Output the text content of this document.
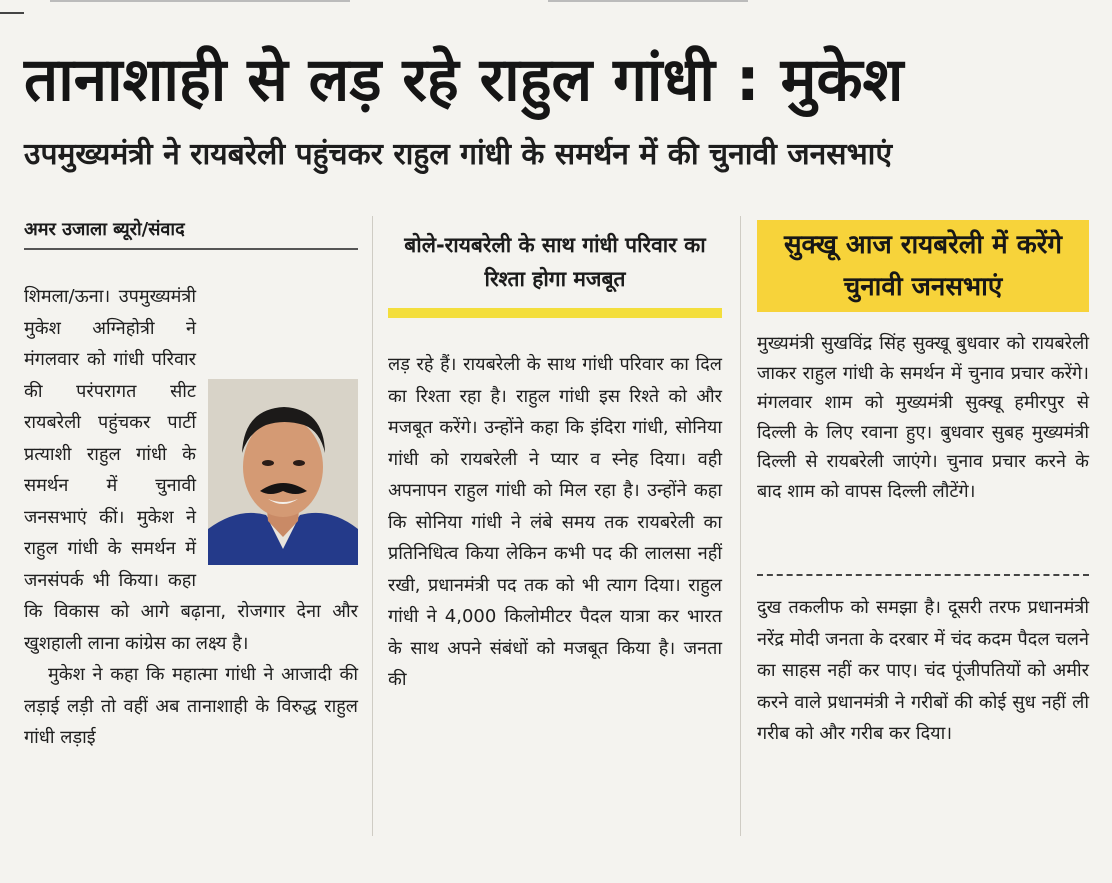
तानाशाही से लड़ रहे राहुल गांधी : मुकेश
उपमुख्यमंत्री ने रायबरेली पहुंचकर राहुल गांधी के समर्थन में की चुनावी जनसभाएं
अमर उजाला ब्यूरो/संवाद

शिमला/ऊना। उपमुख्यमंत्री मुकेश अग्निहोत्री ने मंगलवार को गांधी परिवार की परंपरागत सीट रायबरेली पहुंचकर पार्टी प्रत्याशी राहुल गांधी के समर्थन में चुनावी जनसभाएं कीं। मुकेश ने राहुल गांधी के समर्थन में जनसंपर्क भी किया। कहा कि विकास को आगे बढ़ाना, रोजगार देना और खुशहाली लाना कांग्रेस का लक्ष्य है।

मुकेश ने कहा कि महात्मा गांधी ने आजादी की लड़ाई लड़ी तो वहीं अब तानाशाही के विरुद्ध राहुल गांधी लड़ाई

बोले-रायबरेली के साथ गांधी परिवार का रिश्ता होगा मजबूत

लड़ रहे हैं। रायबरेली के साथ गांधी परिवार का दिल का रिश्ता रहा है। राहुल गांधी इस रिश्ते को और मजबूत करेंगे। उन्होंने कहा कि इंदिरा गांधी, सोनिया गांधी को रायबरेली ने प्यार व स्नेह दिया। वही अपनापन राहुल गांधी को मिल रहा है। उन्होंने कहा कि सोनिया गांधी ने लंबे समय तक रायबरेली का प्रतिनिधित्व किया लेकिन कभी पद की लालसा नहीं रखी, प्रधानमंत्री पद तक को भी त्याग दिया। राहुल गांधी ने 4,000 किलोमीटर पैदल यात्रा कर भारत के साथ अपने संबंधों को मजबूत किया है। जनता की

सुक्खू आज रायबरेली में करेंगे चुनावी जनसभाएं

मुख्यमंत्री सुखविंद्र सिंह सुक्खू बुधवार को रायबरेली जाकर राहुल गांधी के समर्थन में चुनाव प्रचार करेंगे। मंगलवार शाम को मुख्यमंत्री सुक्खू हमीरपुर से दिल्ली के लिए रवाना हुए। बुधवार सुबह मुख्यमंत्री दिल्ली से रायबरेली जाएंगे। चुनाव प्रचार करने के बाद शाम को वापस दिल्ली लौटेंगे।

दुख तकलीफ को समझा है। दूसरी तरफ प्रधानमंत्री नरेंद्र मोदी जनता के दरबार में चंद कदम पैदल चलने का साहस नहीं कर पाए। चंद पूंजीपतियों को अमीर करने वाले प्रधानमंत्री ने गरीबों की कोई सुध नहीं ली गरीब को और गरीब कर दिया।
